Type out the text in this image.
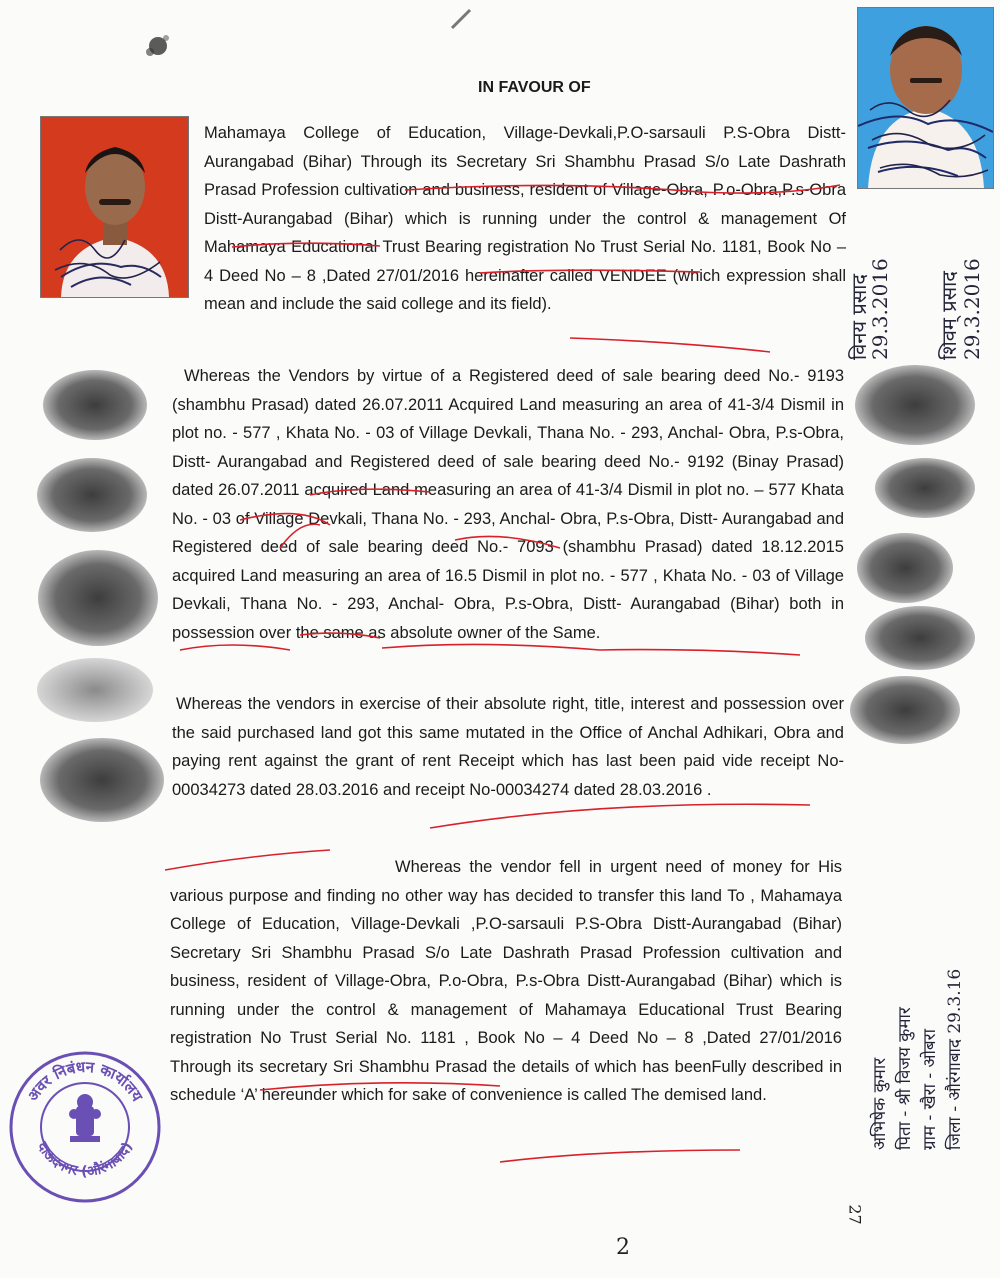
IN FAVOUR OF
Mahamaya College of Education, Village-Devkali,P.O-sarsauli P.S-Obra Distt-Aurangabad (Bihar) Through its Secretary Sri Shambhu Prasad S/o Late Dashrath Prasad Profession cultivation and business, resident of Village-Obra, P.o-Obra,P.s-Obra Distt-Aurangabad (Bihar) which is running under the control & management Of Mahamaya Educational Trust Bearing registration No Trust Serial No. 1181, Book No – 4 Deed No – 8 ,Dated 27/01/2016 hereinafter called VENDEE (which expression shall mean and include the said college and its field).
Whereas the Vendors by virtue of a Registered deed of sale bearing deed No.- 9193 (shambhu Prasad) dated 26.07.2011 Acquired Land measuring an area of 41-3/4 Dismil in plot no. - 577 , Khata No. - 03 of Village Devkali, Thana No. - 293, Anchal- Obra, P.s-Obra, Distt- Aurangabad and Registered deed of sale bearing deed No.- 9192 (Binay Prasad) dated 26.07.2011 acquired Land measuring an area of 41-3/4 Dismil in plot no. – 577 Khata No. - 03 of Village Devkali, Thana No. - 293, Anchal- Obra, P.s-Obra, Distt- Aurangabad and Registered deed of sale bearing deed No.- 7093 (shambhu Prasad) dated 18.12.2015 acquired Land measuring an area of 16.5 Dismil in plot no. - 577 , Khata No. - 03 of Village Devkali, Thana No. - 293, Anchal- Obra, P.s-Obra, Distt- Aurangabad (Bihar) both in possession over the same as absolute owner of the Same.
Whereas the vendors in exercise of their absolute right, title, interest and possession over the said purchased land got this same mutated in the Office of Anchal Adhikari, Obra and paying rent against the grant of rent Receipt which has last been paid vide receipt No-00034273 dated 28.03.2016 and receipt No-00034274 dated 28.03.2016 .
Whereas the vendor fell in urgent need of money for His various purpose and finding no other way has decided to transfer this land To , Mahamaya College of Education, Village-Devkali ,P.O-sarsauli P.S-Obra Distt-Aurangabad (Bihar) Secretary Sri Shambhu Prasad S/o Late Dashrath Prasad Profession cultivation and business, resident of Village-Obra, P.o-Obra, P.s-Obra Distt-Aurangabad (Bihar) which is running under the control & management of Mahamaya Educational Trust Bearing registration No Trust Serial No. 1181 , Book No – 4 Deed No – 8 ,Dated 27/01/2016 Through its secretary Sri Shambhu Prasad the details of which has beenFully described in schedule ‘A’ hereunder which for sake of convenience is called The demised land.
विनय प्रसाद
29.3.2016 शिवम् प्रसाद 29.3.2016
अभिषेक कुमार पिता - श्री विजय कुमार ग्राम - खैरा - ओबरा जिला - औरंगाबाद 29.3.16
अवर निबंधन कार्यालय
दाऊदनगर (औरंगाबाद)
2
27
